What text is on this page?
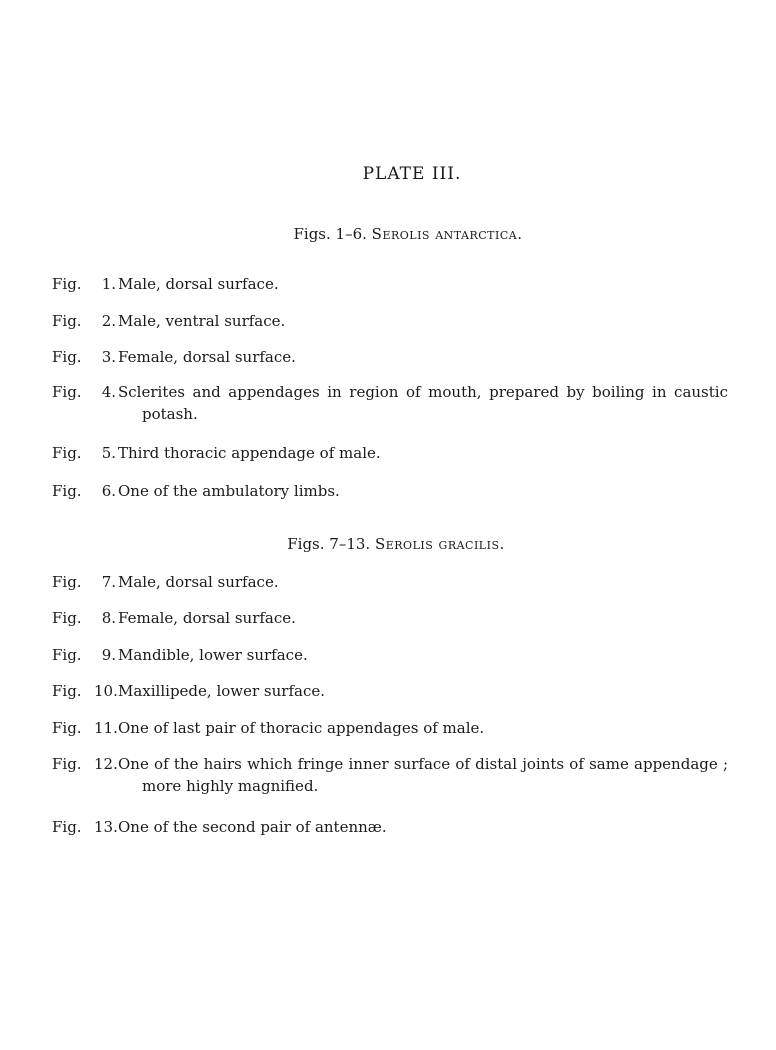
PLATE III.
Figs. 1–6. Serolis antarctica.
Fig.	1. Male, dorsal surface.
Fig.	2. Male, ventral surface.
Fig.	3. Female, dorsal surface.
Fig.	4. Sclerites and appendages in region of mouth, prepared by boiling in caustic
potash.
Fig.	5. Third thoracic appendage of male.
Fig.	6. One of the ambulatory limbs.
Figs. 7–13. Serolis gracilis.
Fig.	7. Male, dorsal surface.
Fig.	8. Female, dorsal surface.
Fig.	9. Mandible, lower surface.
Fig. 10. Maxillipede, lower surface.
Fig. 11. One of last pair of thoracic appendages of male.
Fig. 12. One of the hairs which fringe inner surface of distal joints of same appendage ;
more highly magnified.
Fig. 13. One of the second pair of antennæ.
